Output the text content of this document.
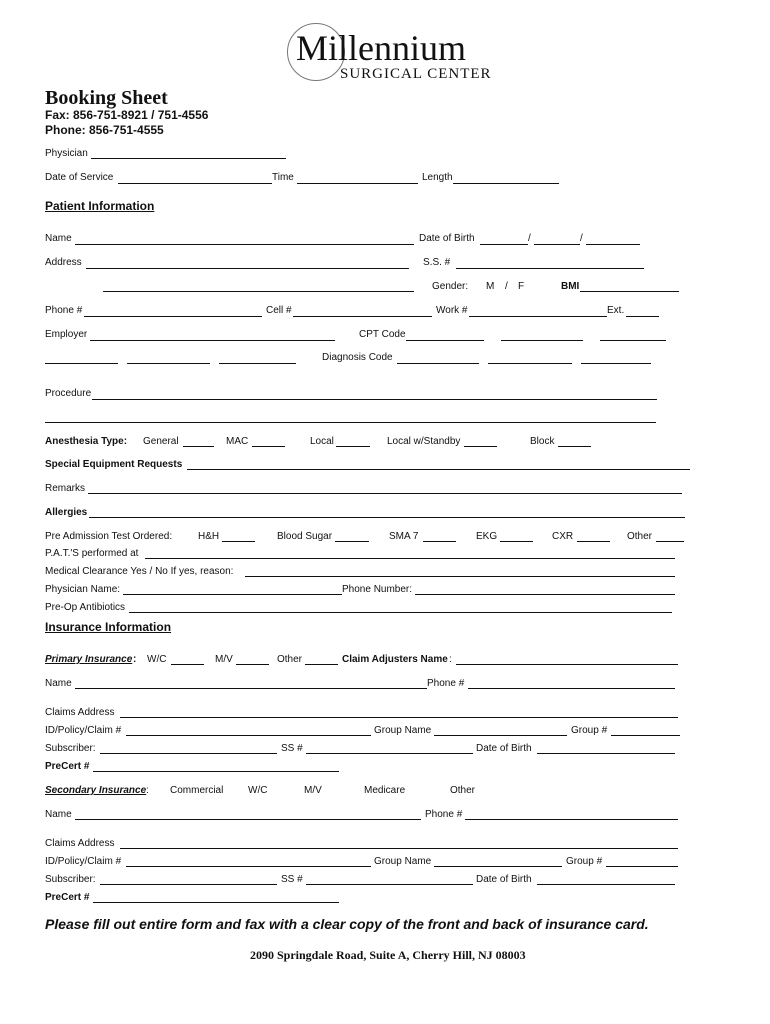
Millennium
SURGICAL CENTER
Booking Sheet
Fax: 856-751-8921 / 751-4556
Phone: 856-751-4555
Physician
Date of Service	Time	Length
Patient Information
Name	Date of Birth	/	/
Address	S.S. #
Gender: M / F	BMI
Phone #	Cell #	Work #	Ext.
Employer	CPT Code
Diagnosis Code
Procedure
Anesthesia Type: General	MAC	Local	Local w/Standby	Block
Special Equipment Requests
Remarks
Allergies
Pre Admission Test Ordered:	H&H	Blood Sugar	SMA 7	EKG	CXR	Other
P.A.T.'S performed at
Medical Clearance Yes / No If yes, reason:
Physician Name:	Phone Number:
Pre-Op Antibiotics
Insurance Information
Primary Insurance : W/C	M/V	Other	Claim Adjusters Name :
Name	Phone #
Claims Address
ID/Policy/Claim #	Group Name	Group #
Subscriber:	SS #	Date of Birth
PreCert #
Secondary Insurance : Commercial W/C	M/V	Medicare	Other
Name	Phone #
Claims Address
ID/Policy/Claim #	Group Name	Group #
Subscriber:	SS #	Date of Birth
PreCert #
Please fill out entire form and fax with a clear copy of the front and back of insurance card.
2090 Springdale Road, Suite A, Cherry Hill, NJ 08003
